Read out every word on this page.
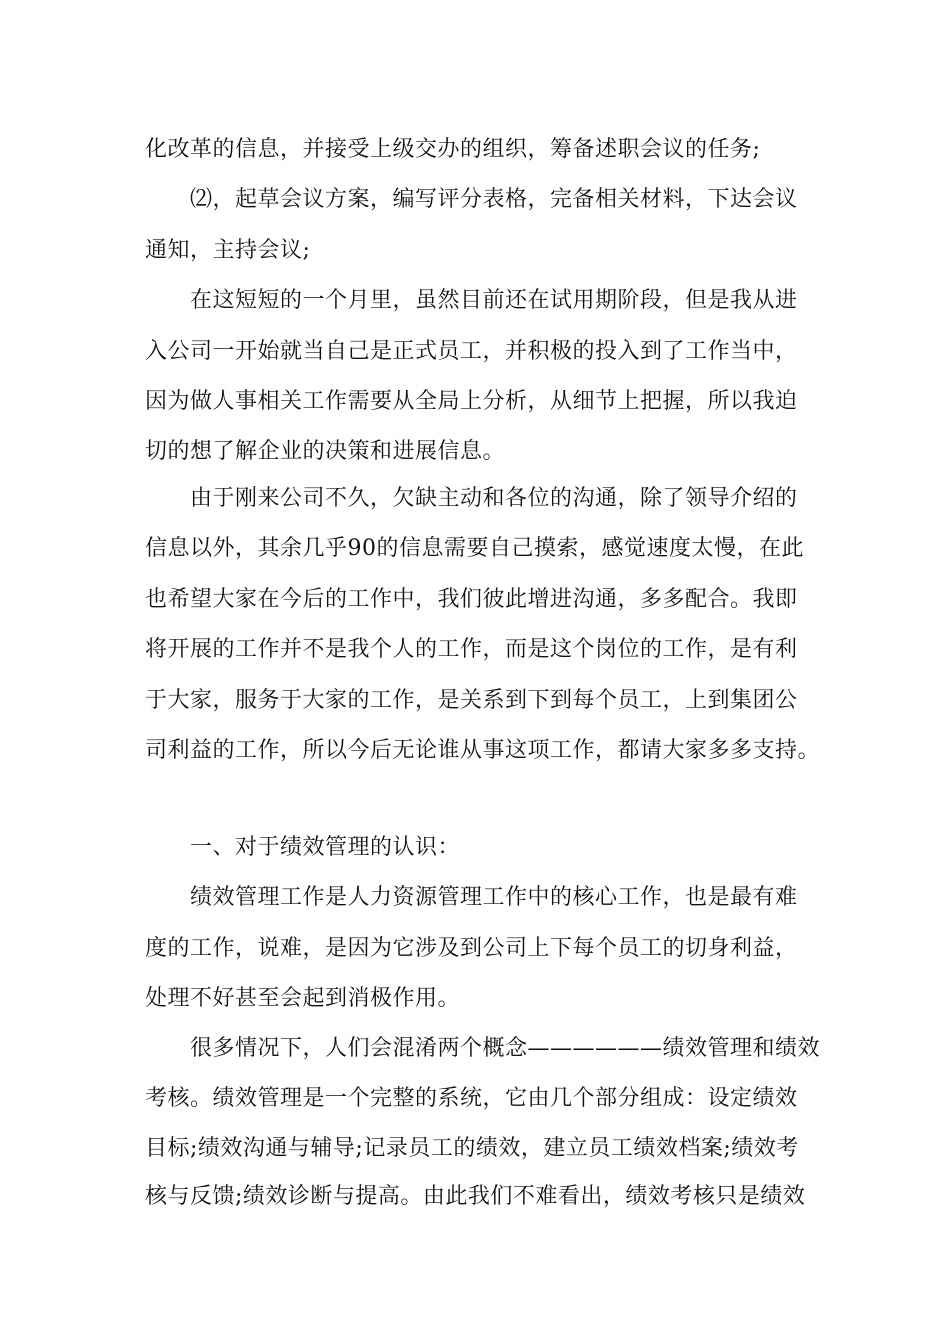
化改革的信息，并接受上级交办的组织，筹备述职会议的任务;
⑵，起草会议方案，编写评分表格，完备相关材料，下达会议
通知，主持会议;
在这短短的一个月里，虽然目前还在试用期阶段，但是我从进
入公司一开始就当自己是正式员工，并积极的投入到了工作当中，
因为做人事相关工作需要从全局上分析，从细节上把握，所以我迫
切的想了解企业的决策和进展信息。
由于刚来公司不久，欠缺主动和各位的沟通，除了领导介绍的
信息以外，其余几乎90的信息需要自己摸索，感觉速度太慢，在此
也希望大家在今后的工作中，我们彼此增进沟通，多多配合。我即
将开展的工作并不是我个人的工作，而是这个岗位的工作，是有利
于大家，服务于大家的工作，是关系到下到每个员工，上到集团公
司利益的工作，所以今后无论谁从事这项工作，都请大家多多支持。
一、对于绩效管理的认识：
绩效管理工作是人力资源管理工作中的核心工作，也是最有难
度的工作，说难，是因为它涉及到公司上下每个员工的切身利益，
处理不好甚至会起到消极作用。
很多情况下，人们会混淆两个概念——————绩效管理和绩效
考核。绩效管理是一个完整的系统，它由几个部分组成：设定绩效
目标;绩效沟通与辅导;记录员工的绩效，建立员工绩效档案;绩效考
核与反馈;绩效诊断与提高。由此我们不难看出，绩效考核只是绩效
